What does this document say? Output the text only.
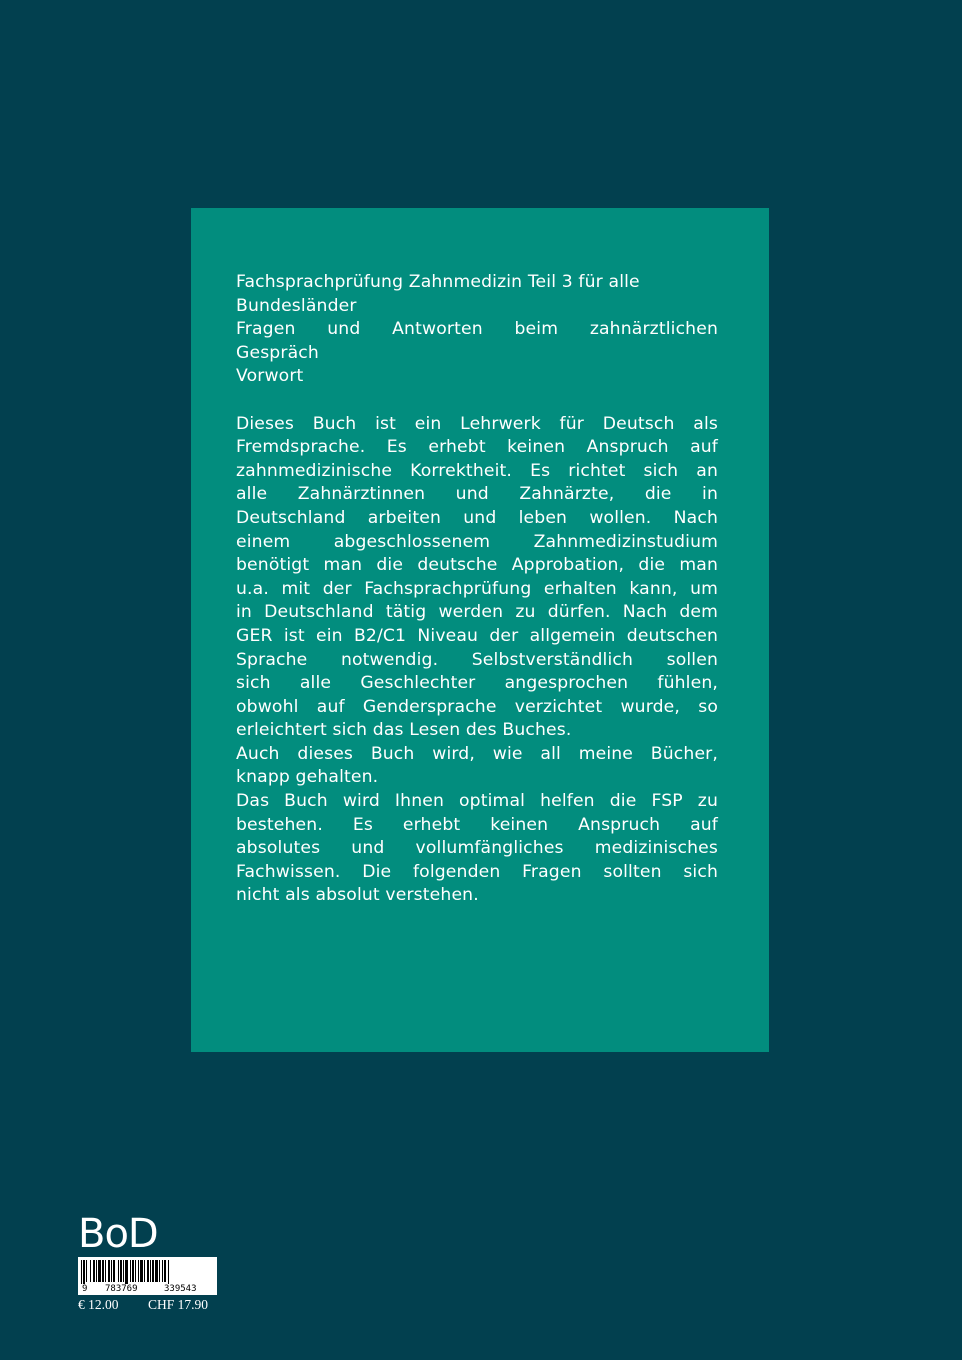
Fachsprachprüfung Zahnmedizin Teil 3 für alle
Bundesländer
Fragen und Antworten beim zahnärztlichen
Gespräch
Vorwort
Dieses Buch ist ein Lehrwerk für Deutsch als
Fremdsprache. Es erhebt keinen Anspruch auf
zahnmedizinische Korrektheit. Es richtet sich an
alle Zahnärztinnen und Zahnärzte, die in
Deutschland arbeiten und leben wollen. Nach
einem abgeschlossenem Zahnmedizinstudium
benötigt man die deutsche Approbation, die man
u.a. mit der Fachsprachprüfung erhalten kann, um
in Deutschland tätig werden zu dürfen. Nach dem
GER ist ein B2/C1 Niveau der allgemein deutschen
Sprache notwendig. Selbstverständlich sollen
sich alle Geschlechter angesprochen fühlen,
obwohl auf Gendersprache verzichtet wurde, so
erleichtert sich das Lesen des Buches.
Auch dieses Buch wird, wie all meine Bücher,
knapp gehalten.
Das Buch wird Ihnen optimal helfen die FSP zu
bestehen. Es erhebt keinen Anspruch auf
absolutes und vollumfängliches medizinisches
Fachwissen. Die folgenden Fragen sollten sich
nicht als absolut verstehen.
BoD
9 783769	339543
€ 12.00 CHF 17.90
